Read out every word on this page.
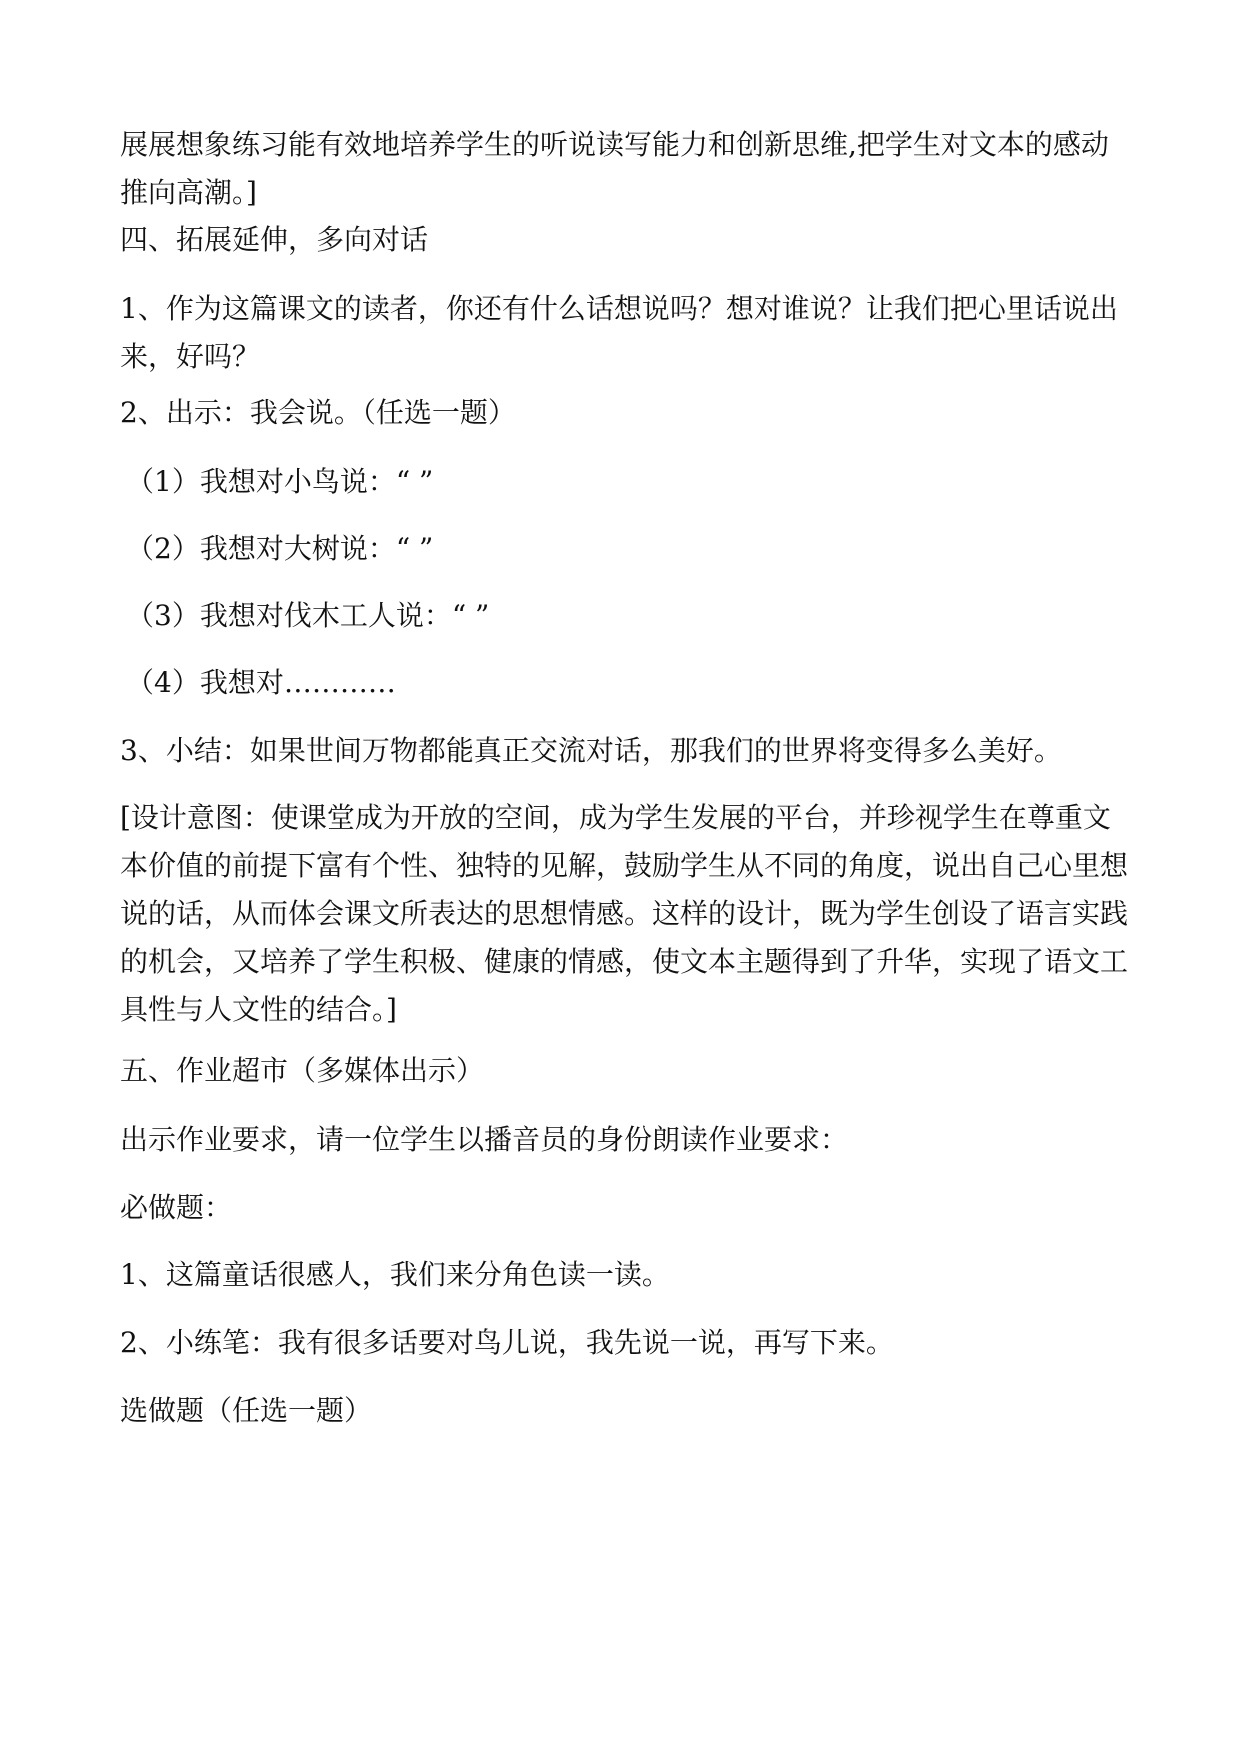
展展想象练习能有效地培养学生的听说读写能力和创新思维,把学生对文本的感动推向高潮。]

四、拓展延伸，多向对话

1、作为这篇课文的读者，你还有什么话想说吗？想对谁说？让我们把心里话说出来，好吗？

2、出示：我会说。（任选一题）

（1）我想对小鸟说：“ ”

（2）我想对大树说：“ ”

（3）我想对伐木工人说：“ ”

（4）我想对…………

3、小结：如果世间万物都能真正交流对话，那我们的世界将变得多么美好。

[设计意图：使课堂成为开放的空间，成为学生发展的平台，并珍视学生在尊重文本价值的前提下富有个性、独特的见解，鼓励学生从不同的角度，说出自己心里想说的话，从而体会课文所表达的思想情感。这样的设计，既为学生创设了语言实践的机会，又培养了学生积极、健康的情感，使文本主题得到了升华，实现了语文工具性与人文性的结合。]

五、作业超市（多媒体出示）

出示作业要求，请一位学生以播音员的身份朗读作业要求：

必做题：

1、这篇童话很感人，我们来分角色读一读。

2、小练笔：我有很多话要对鸟儿说，我先说一说，再写下来。

选做题（任选一题）
